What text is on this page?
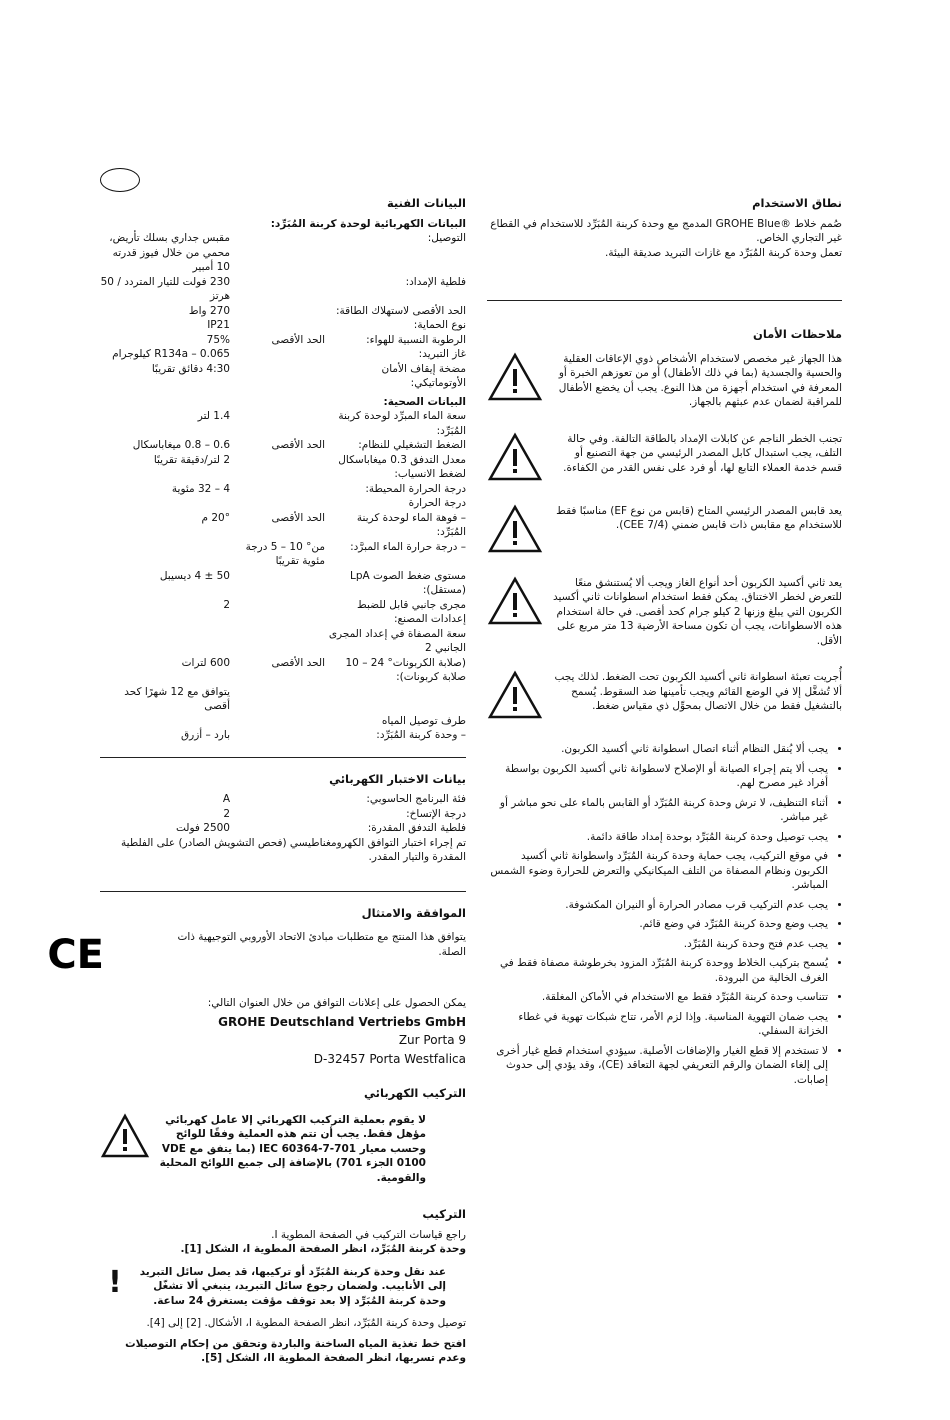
البيانات الفنية
البيانات الكهربائية لوحدة كربنة المُبَرِّد:
التوصيل:
مقبس جداري بسلك تأريض،
محمي من خلال فيوز قدرته 10 أمبير
فلطية الإمداد:
230 فولت للتيار المتردد / 50 هرتز
الحد الأقصى لاستهلاك الطاقة:
270 واط
نوع الحماية:
IP21
الرطوبة النسبية للهواء:
الحد الأقصى
75%
غاز التبريد:
R134a – 0.065 كيلوجرام
مضخة إيقاف الأمان الأوتوماتيكي:
4:30 دقائق تقريبًا
البيانات الصحية:
سعة الماء المبرِّد لوحدة كربنة المُبَرِّد:
1.4 لتر
الضغط التشغيلي للنظام:
الحد الأقصى
0.6 – 0.8 ميغاباسكال
معدل التدفق 0.3 ميغاباسكال لضغط الانسياب:
2 لتر/دقيقة تقريبًا
درجة الحرارة المحيطة:
4 – 32 مئوية
درجة الحرارة
– فوهة الماء لوحدة كربنة المُبَرِّد:
الحد الأقصى
20° م
– درجة حرارة الماء المبرَّد:
من° 10 – 5 درجة مئوية تقريبًا
مستوى ضغط الصوت LpA (مستقل):
50 ± 4 ديسيبل
مجرى جانبي قابل للضبط إعدادات المصنع:
2
سعة المصفاة في إعداد المجرى الجانبي 2
(صلابة الكربونات° 24 – 10 صلابة كربونات):
الحد الأقصى
600 لترات
يتوافق مع 12 شهرًا كحد أقصى
طرف توصيل المياه
– وحدة كربنة المُبَرِّد:
بارد – أزرق
بيانات الاختبار الكهربائي
فئة البرنامج الحاسوبي:
A
درجة الإتساخ:
2
فلطية التدفق المقدرة:
2500 فولت
تم إجراء اختبار التوافق الكهرومغناطيسي (فحص التشويش الصادر) على الفلطية المقدرة والتيار المقدر.
الموافقة والامتثال
يتوافق هذا المنتج مع متطلبات مبادئ الاتحاد الأوروبي التوجيهية ذات الصلة.
CE
يمكن الحصول على إعلانات التوافق من خلال العنوان التالي:
GROHE Deutschland Vertriebs GmbH
Zur Porta 9
D-32457 Porta Westfalica
التركيب الكهربائي
لا يقوم بعملية التركيب الكهربائي إلا عامل كهربائي مؤهل فقط. يجب أن تتم هذه العملية وفقًا للوائح وحسب معيار IEC 60364-7-701 (بما يتفق مع VDE 0100 الجزء 701) بالإضافة إلى جميع اللوائح المحلية والقومية.
التركيب
راجع قياسات التركيب في الصفحة المطوية I.
وحدة كربنة المُبَرِّد، انظر الصفحة المطوية I، الشكل [1].
عند نقل وحدة كربنة المُبَرِّد أو تركيبها، قد يصل سائل التبريد إلى الأنابيب. ولضمان رجوع سائل التبريد، ينبغي ألا تشغّل وحدة كربنة المُبَرِّد إلا بعد توقف مؤقت يستغرق 24 ساعة.
!
توصيل وحدة كربنة المُبَرِّد، انظر الصفحة المطوية I، الأشكال. [2] إلى [4].
افتح خط تغذية المياه الساخنة والباردة وتحقق من إحكام التوصيلات وعدم تسربها، انظر الصفحة المطوية II، الشكل [5].
نطاق الاستخدام
صُمم خلاط ®GROHE Blue المدمج مع وحدة كربنة المُبَرِّد للاستخدام في القطاع غير التجاري الخاص.
تعمل وحدة كربنة المُبَرِّد مع غازات التبريد صديقة البيئة.
ملاحظات الأمان
هذا الجهاز غير مخصص لاستخدام الأشخاص ذوي الإعاقات العقلية والحسية والجسدية (بما في ذلك الأطفال) أو من تعوزهم الخبرة أو المعرفة في استخدام أجهزة من هذا النوع. يجب أن يخضع الأطفال للمراقبة لضمان عدم عبثهم بالجهاز.
تجنب الخطر الناجم عن كابلات الإمداد بالطاقة التالفة. وفي حالة التلف، يجب استبدال كابل المصدر الرئيسي من جهة التصنيع أو قسم خدمة العملاء التابع لها، أو فرد على نفس القدر من الكفاءة.
يعد قابس المصدر الرئيسي المتاح (قابس من نوع EF) مناسبًا فقط للاستخدام مع مقابس ذات قابس ضمني (CEE 7/4).
يعد ثاني أكسيد الكربون أحد أنواع الغاز ويجب ألا يُستنشق منعًا للتعرض لخطر الاختناق. يمكن فقط استخدام اسطوانات ثاني أكسيد الكربون التي يبلغ وزنها 2 كيلو جرام كحد أقصى. في حالة استخدام هذه الاسطوانات، يجب أن تكون مساحة الأرضية 13 متر مربع على الأقل.
أُجريت تعبئة اسطوانة ثاني أكسيد الكربون تحت الضغط. لذلك يجب ألا تُشغَّل إلا في الوضع القائم ويجب تأمينها ضد السقوط. يُسمح بالتشغيل فقط من خلال الاتصال بمحوِّل ذي مقياس ضغط.
• يجب ألا يُنقل النظام أثناء اتصال اسطوانة ثاني أكسيد الكربون.
• يجب ألا يتم إجراء الصيانة أو الإصلاح لاسطوانة ثاني أكسيد الكربون بواسطة أفراد غير مصرح لهم.
• أثناء التنظيف، لا ترش وحدة كربنة المُبَرِّد أو القابس بالماء على نحو مباشر أو غير مباشر.
• يجب توصيل وحدة كربنة المُبَرِّد بوحدة إمداد طاقة دائمة.
• في موقع التركيب، يجب حماية وحدة كربنة المُبَرِّد واسطوانة ثاني أكسيد الكربون ونظام المصفاة من التلف الميكانيكي والتعرض للحرارة وضوء الشمس المباشر.
• يجب عدم التركيب قرب مصادر الحرارة أو النيران المكشوفة.
• يجب وضع وحدة كربنة المُبَرِّد في وضع قائم.
• يجب عدم فتح وحدة كربنة المُبَرِّد.
• يُسمح بتركيب الخلاط ووحدة كربنة المُبَرِّد المزود بخرطوشة مصفاة فقط في الغرف الخالية من البرودة.
• تتناسب وحدة كربنة المُبَرِّد فقط مع الاستخدام في الأماكن المغلقة.
• يجب ضمان التهوية المناسبة. وإذا لزم الأمر، تتاح شبكات تهوية في غطاء الخزانة السفلي.
• لا تستخدم إلا قطع الغيار والإضافات الأصلية. سيؤدي استخدام قطع غيار أخرى إلى إلغاء الضمان والرقم التعريفي لجهة التعاقد (CE)، وقد يؤدي إلى حدوث إصابات.
